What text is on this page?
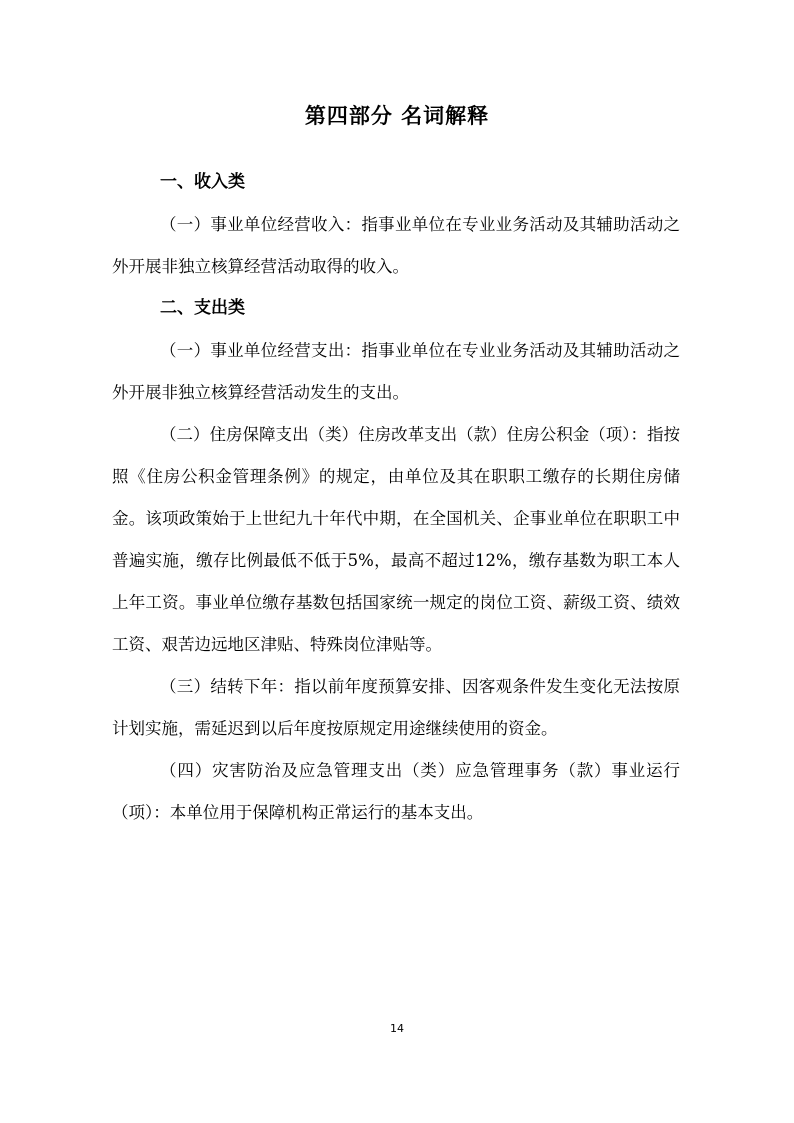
第四部分 名词解释
一、收入类

（一）事业单位经营收入：指事业单位在专业业务活动及其辅助活动之外开展非独立核算经营活动取得的收入。

二、支出类

（一）事业单位经营支出：指事业单位在专业业务活动及其辅助活动之外开展非独立核算经营活动发生的支出。

（二）住房保障支出（类）住房改革支出（款）住房公积金（项）：指按照《住房公积金管理条例》的规定，由单位及其在职职工缴存的长期住房储金。该项政策始于上世纪九十年代中期，在全国机关、企事业单位在职职工中普遍实施，缴存比例最低不低于5%，最高不超过12%，缴存基数为职工本人上年工资。事业单位缴存基数包括国家统一规定的岗位工资、薪级工资、绩效工资、艰苦边远地区津贴、特殊岗位津贴等。

（三）结转下年：指以前年度预算安排、因客观条件发生变化无法按原计划实施，需延迟到以后年度按原规定用途继续使用的资金。

（四）灾害防治及应急管理支出（类）应急管理事务（款）事业运行（项）：本单位用于保障机构正常运行的基本支出。

14
